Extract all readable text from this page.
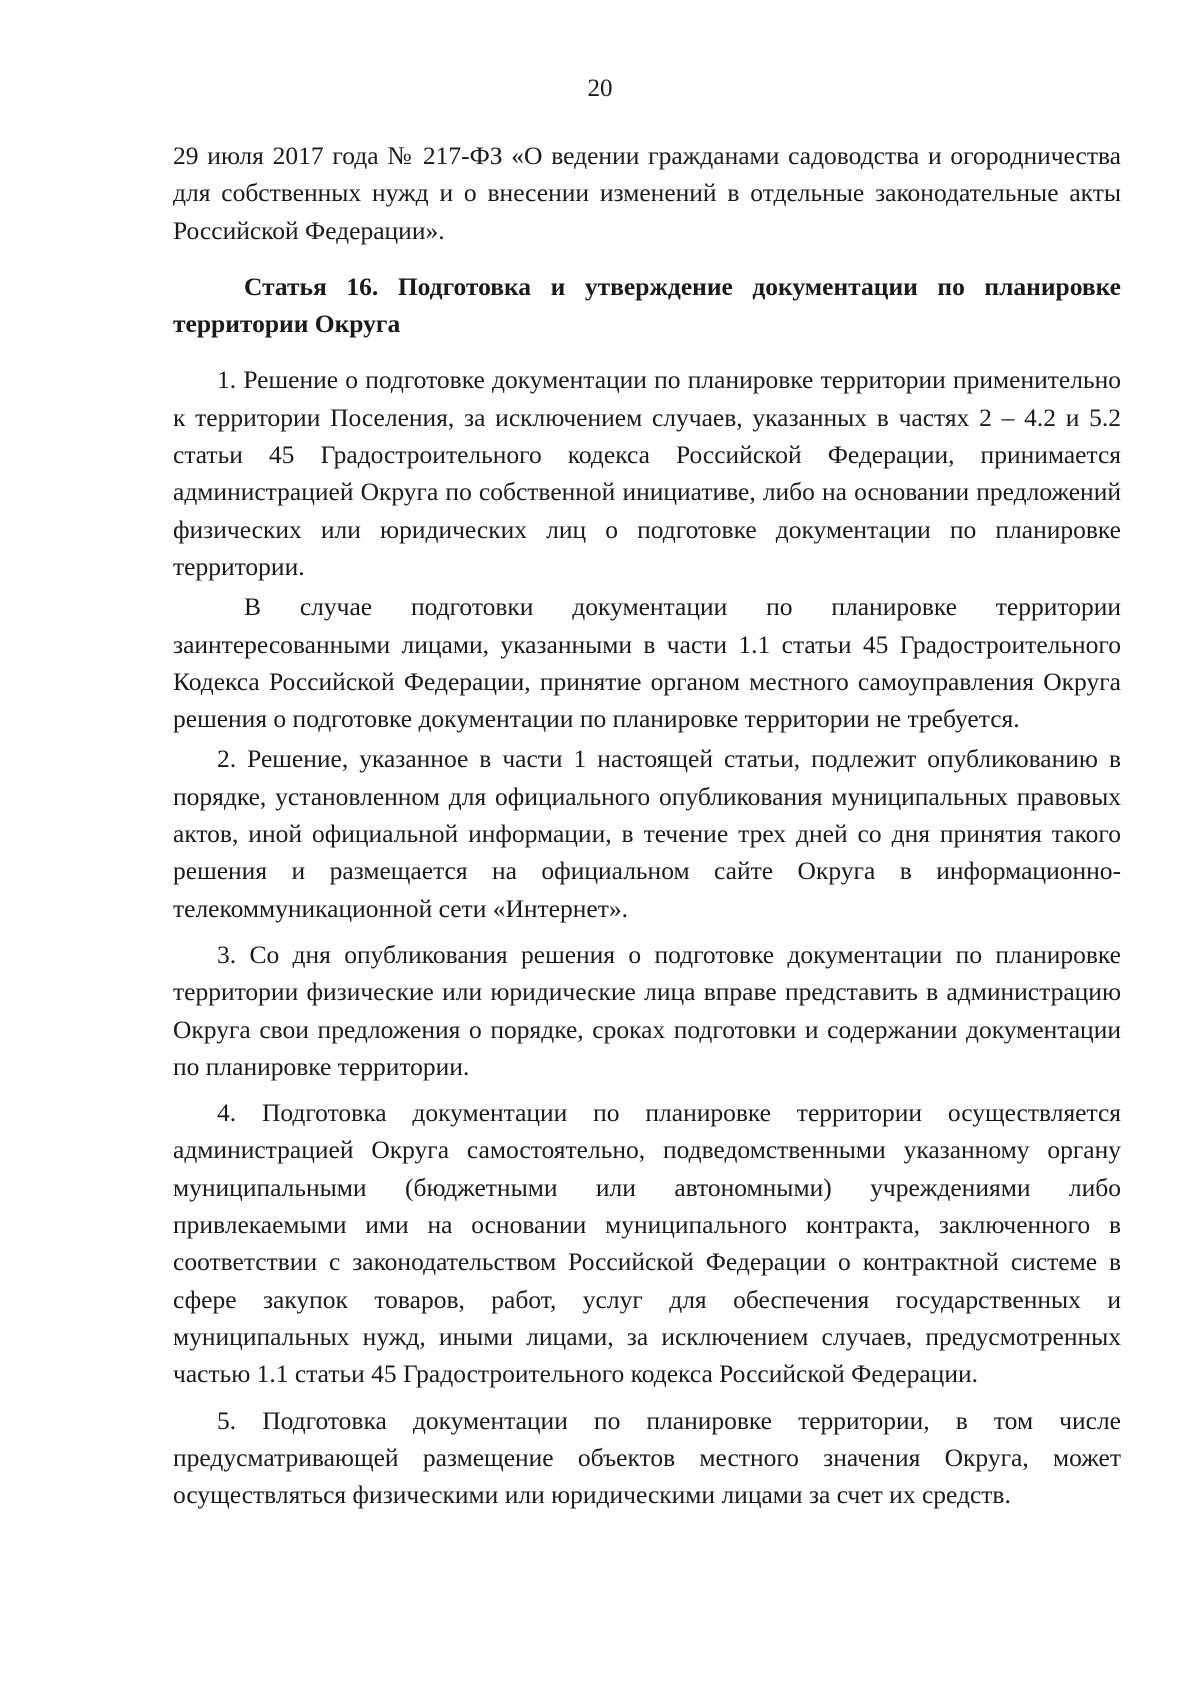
20

29 июля 2017 года № 217-ФЗ «О ведении гражданами садоводства и огородничества для собственных нужд и о внесении изменений в отдельные законодательные акты Российской Федерации».

Статья 16. Подготовка и утверждение документации по планировке территории Округа

1. Решение о подготовке документации по планировке территории применительно к территории Поселения, за исключением случаев, указанных в частях 2 – 4.2 и 5.2 статьи 45 Градостроительного кодекса Российской Федерации, принимается администрацией Округа по собственной инициативе, либо на основании предложений физических или юридических лиц о подготовке документации по планировке территории.

В случае подготовки документации по планировке территории заинтересованными лицами, указанными в части 1.1 статьи 45 Градостроительного Кодекса Российской Федерации, принятие органом местного самоуправления Округа решения о подготовке документации по планировке территории не требуется.

2. Решение, указанное в части 1 настоящей статьи, подлежит опубликованию в порядке, установленном для официального опубликования муниципальных правовых актов, иной официальной информации, в течение трех дней со дня принятия такого решения и размещается на официальном сайте Округа в информационно-телекоммуникационной сети «Интернет».

3. Со дня опубликования решения о подготовке документации по планировке территории физические или юридические лица вправе представить в администрацию Округа свои предложения о порядке, сроках подготовки и содержании документации по планировке территории.

4. Подготовка документации по планировке территории осуществляется администрацией Округа самостоятельно, подведомственными указанному органу муниципальными (бюджетными или автономными) учреждениями либо привлекаемыми ими на основании муниципального контракта, заключенного в соответствии с законодательством Российской Федерации о контрактной системе в сфере закупок товаров, работ, услуг для обеспечения государственных и муниципальных нужд, иными лицами, за исключением случаев, предусмотренных частью 1.1 статьи 45 Градостроительного кодекса Российской Федерации.

5. Подготовка документации по планировке территории, в том числе предусматривающей размещение объектов местного значения Округа, может осуществляться физическими или юридическими лицами за счет их средств.
